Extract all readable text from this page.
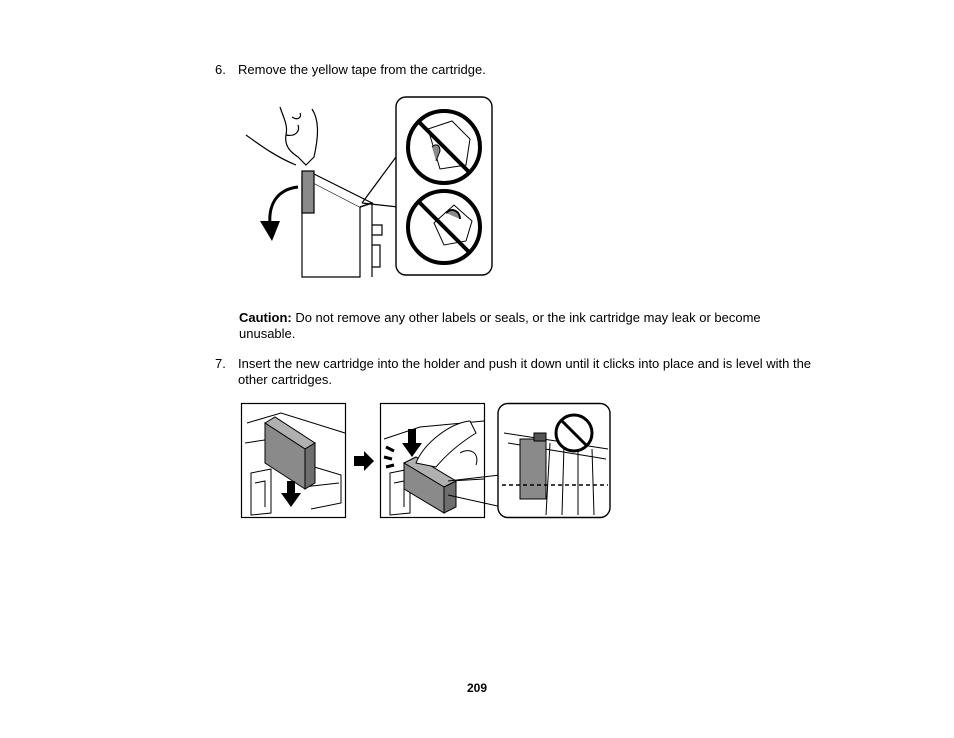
6. Remove the yellow tape from the cartridge.
Caution: Do not remove any other labels or seals, or the ink cartridge may leak or become
unusable.
7. Insert the new cartridge into the holder and push it down until it clicks into place and is level with the
other cartridges.
209
